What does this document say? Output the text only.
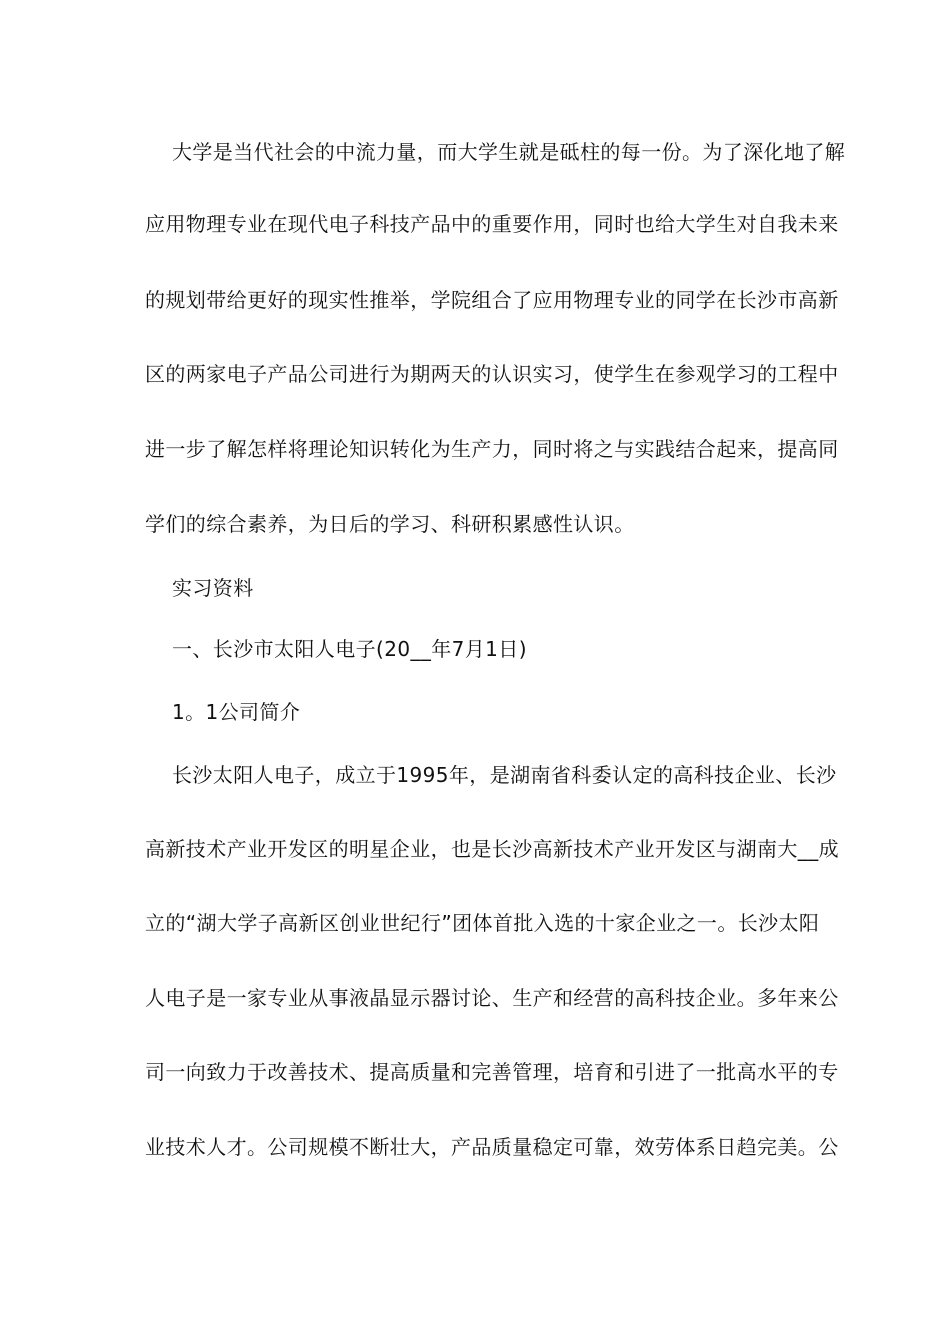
大学是当代社会的中流力量，而大学生就是砥柱的每一份。为了深化地了解
应用物理专业在现代电子科技产品中的重要作用，同时也给大学生对自我未来
的规划带给更好的现实性推举，学院组合了应用物理专业的同学在长沙市高新
区的两家电子产品公司进行为期两天的认识实习，使学生在参观学习的工程中
进一步了解怎样将理论知识转化为生产力，同时将之与实践结合起来，提高同
学们的综合素养，为日后的学习、科研积累感性认识。
实习资料
一、长沙市太阳人电子(20__年7月1日)
1。1公司简介
长沙太阳人电子，成立于1995年，是湖南省科委认定的高科技企业、长沙
高新技术产业开发区的明星企业，也是长沙高新技术产业开发区与湖南大__成
立的“湖大学子高新区创业世纪行”团体首批入选的十家企业之一。长沙太阳
人电子是一家专业从事液晶显示器讨论、生产和经营的高科技企业。多年来公
司一向致力于改善技术、提高质量和完善管理，培育和引进了一批高水平的专
业技术人才。公司规模不断壮大，产品质量稳定可靠，效劳体系日趋完美。公
